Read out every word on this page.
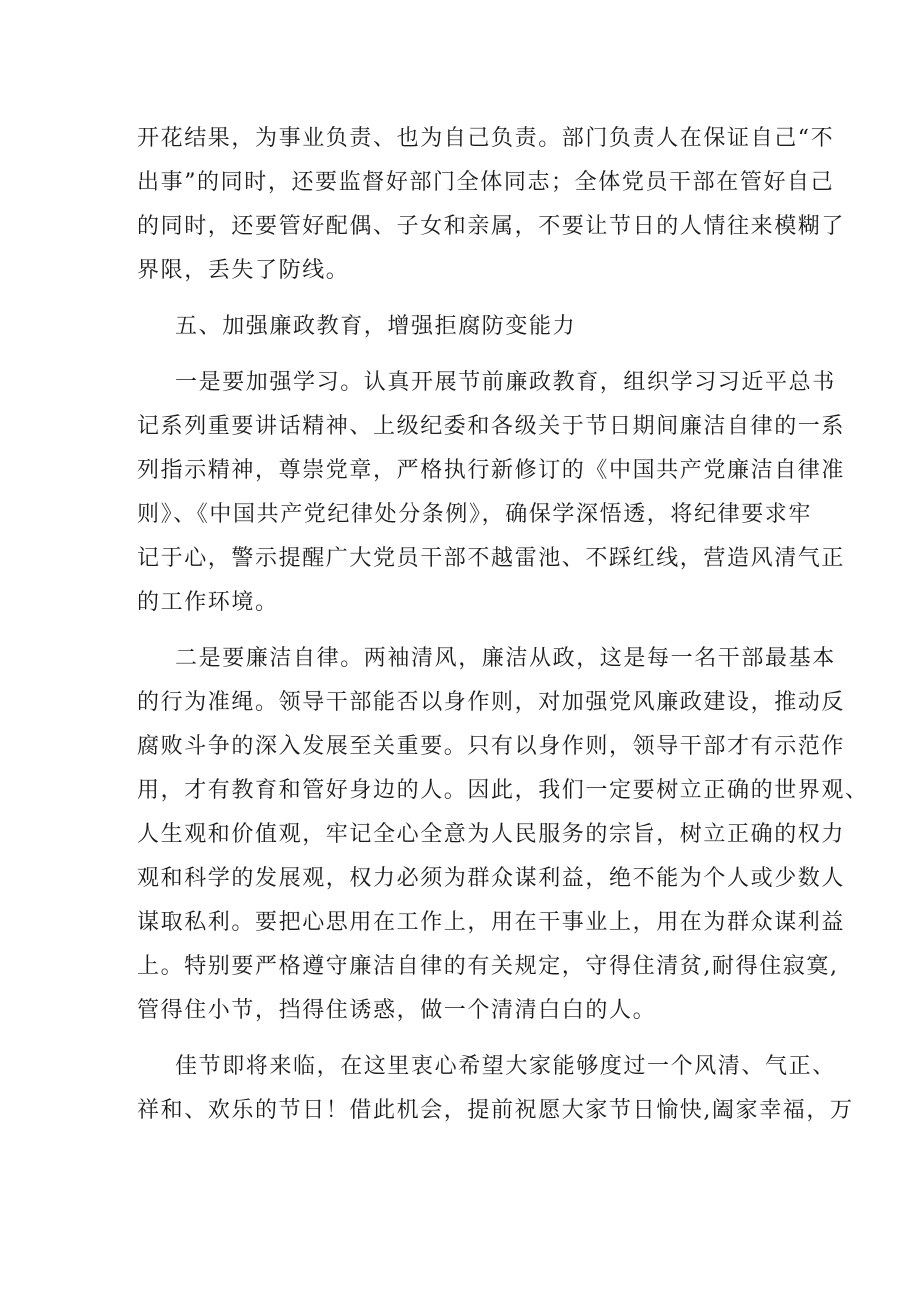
开花结果，为事业负责、也为自己负责。部门负责人在保证自己“不
出事”的同时，还要监督好部门全体同志；全体党员干部在管好自己
的同时，还要管好配偶、子女和亲属，不要让节日的人情往来模糊了
界限，丢失了防线。
五、加强廉政教育，增强拒腐防变能力
一是要加强学习。认真开展节前廉政教育，组织学习习近平总书
记系列重要讲话精神、上级纪委和各级关于节日期间廉洁自律的一系
列指示精神，尊崇党章，严格执行新修订的《中国共产党廉洁自律准
则》、《中国共产党纪律处分条例》，确保学深悟透，将纪律要求牢
记于心，警示提醒广大党员干部不越雷池、不踩红线，营造风清气正
的工作环境。
二是要廉洁自律。两袖清风，廉洁从政，这是每一名干部最基本
的行为准绳。领导干部能否以身作则，对加强党风廉政建设，推动反
腐败斗争的深入发展至关重要。只有以身作则，领导干部才有示范作
用，才有教育和管好身边的人。因此，我们一定要树立正确的世界观、
人生观和价值观，牢记全心全意为人民服务的宗旨，树立正确的权力
观和科学的发展观，权力必须为群众谋利益，绝不能为个人或少数人
谋取私利。要把心思用在工作上，用在干事业上，用在为群众谋利益
上。特别要严格遵守廉洁自律的有关规定，守得住清贫,耐得住寂寞,
管得住小节，挡得住诱惑，做一个清清白白的人。
佳节即将来临，在这里衷心希望大家能够度过一个风清、气正、
祥和、欢乐的节日！借此机会，提前祝愿大家节日愉快,阖家幸福，万
